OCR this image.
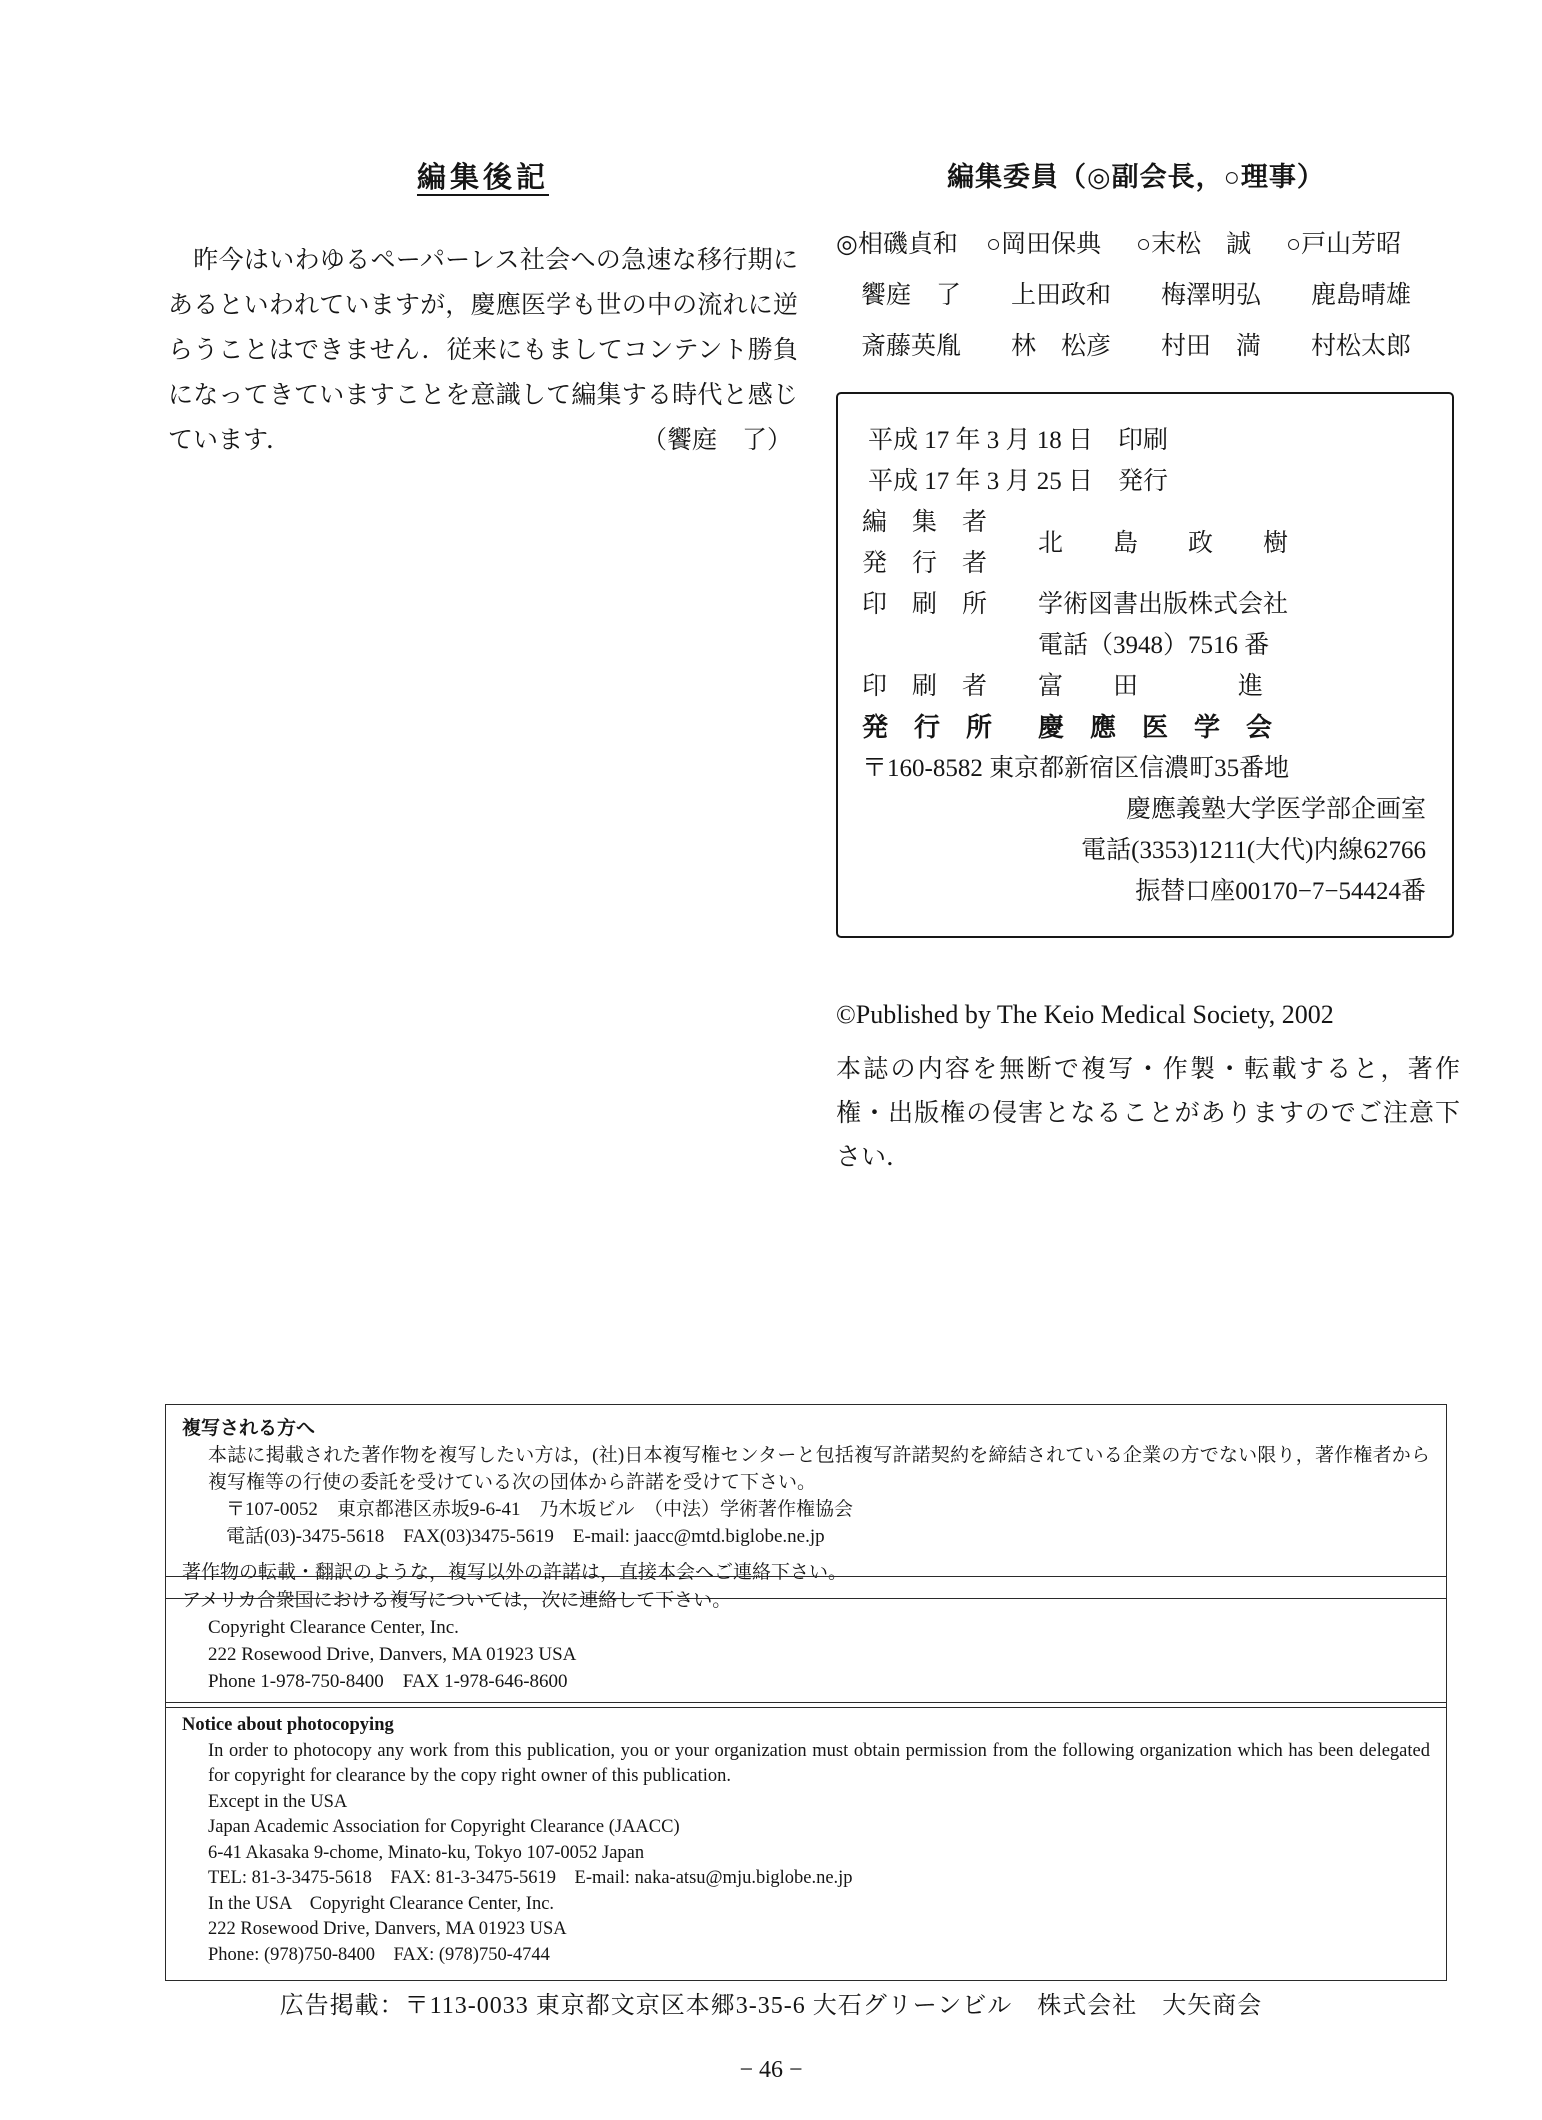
編集後記
　昨今はいわゆるペーパーレス社会への急速な移行期にあるといわれていますが，慶應医学も世の中の流れに逆らうことはできません．従来にもましてコンテント勝負になってきていますことを意識して編集する時代と感じています．	（饗庭　了）
編集委員（◎副会長，○理事）
◎相磯貞和	○岡田保典	○末松　誠	○戸山芳昭
饗庭　了	上田政和	梅澤明弘	鹿島晴雄
斎藤英胤	林　松彦	村田　満	村松太郎
平成 17 年 3 月 18 日　印刷
平成 17 年 3 月 25 日　発行
編　集　者
発　行　者
北　　島　　政　　樹
印　刷　所	学術図書出版株式会社
電話（3948）7516 番
印　刷　者	富　　田　　　　進
発　行　所	慶　應　医　学　会
〒160-8582 東京都新宿区信濃町35番地
慶應義塾大学医学部企画室
電話(3353)1211(大代)内線62766
振替口座00170−7−54424番
©Published by The Keio Medical Society, 2002
本誌の内容を無断で複写・作製・転載すると，著作権・出版権の侵害となることがありますのでご注意下さい．
複写される方へ
本誌に掲載された著作物を複写したい方は，(社)日本複写権センターと包括複写許諾契約を締結されている企業の方でない限り，著作権者から複写権等の行使の委託を受けている次の団体から許諾を受けて下さい。
〒107-0052　東京都港区赤坂9-6-41　乃木坂ビル　（中法）学術著作権協会
電話(03)-3475-5618　FAX(03)3475-5619　E-mail: jaacc@mtd.biglobe.ne.jp
著作物の転載・翻訳のような，複写以外の許諾は，直接本会へご連絡下さい。
アメリカ合衆国における複写については，次に連絡して下さい。
Copyright Clearance Center, Inc.
222 Rosewood Drive, Danvers, MA 01923 USA
Phone 1-978-750-8400　FAX 1-978-646-8600
Notice about photocopying
In order to photocopy any work from this publication, you or your organization must obtain permission from the following organization which has been delegated for copyright for clearance by the copy right owner of this publication.
Except in the USA
Japan Academic Association for Copyright Clearance (JAACC)
6-41 Akasaka 9-chome, Minato-ku, Tokyo 107-0052 Japan
TEL: 81-3-3475-5618　FAX: 81-3-3475-5619　E-mail: naka-atsu@mju.biglobe.ne.jp
In the USA　Copyright Clearance Center, Inc.
222 Rosewood Drive, Danvers, MA 01923 USA
Phone: (978)750-8400　FAX: (978)750-4744
広告掲載：〒113-0033 東京都文京区本郷3-35-6 大石グリーンビル　株式会社　大矢商会
− 46 −
